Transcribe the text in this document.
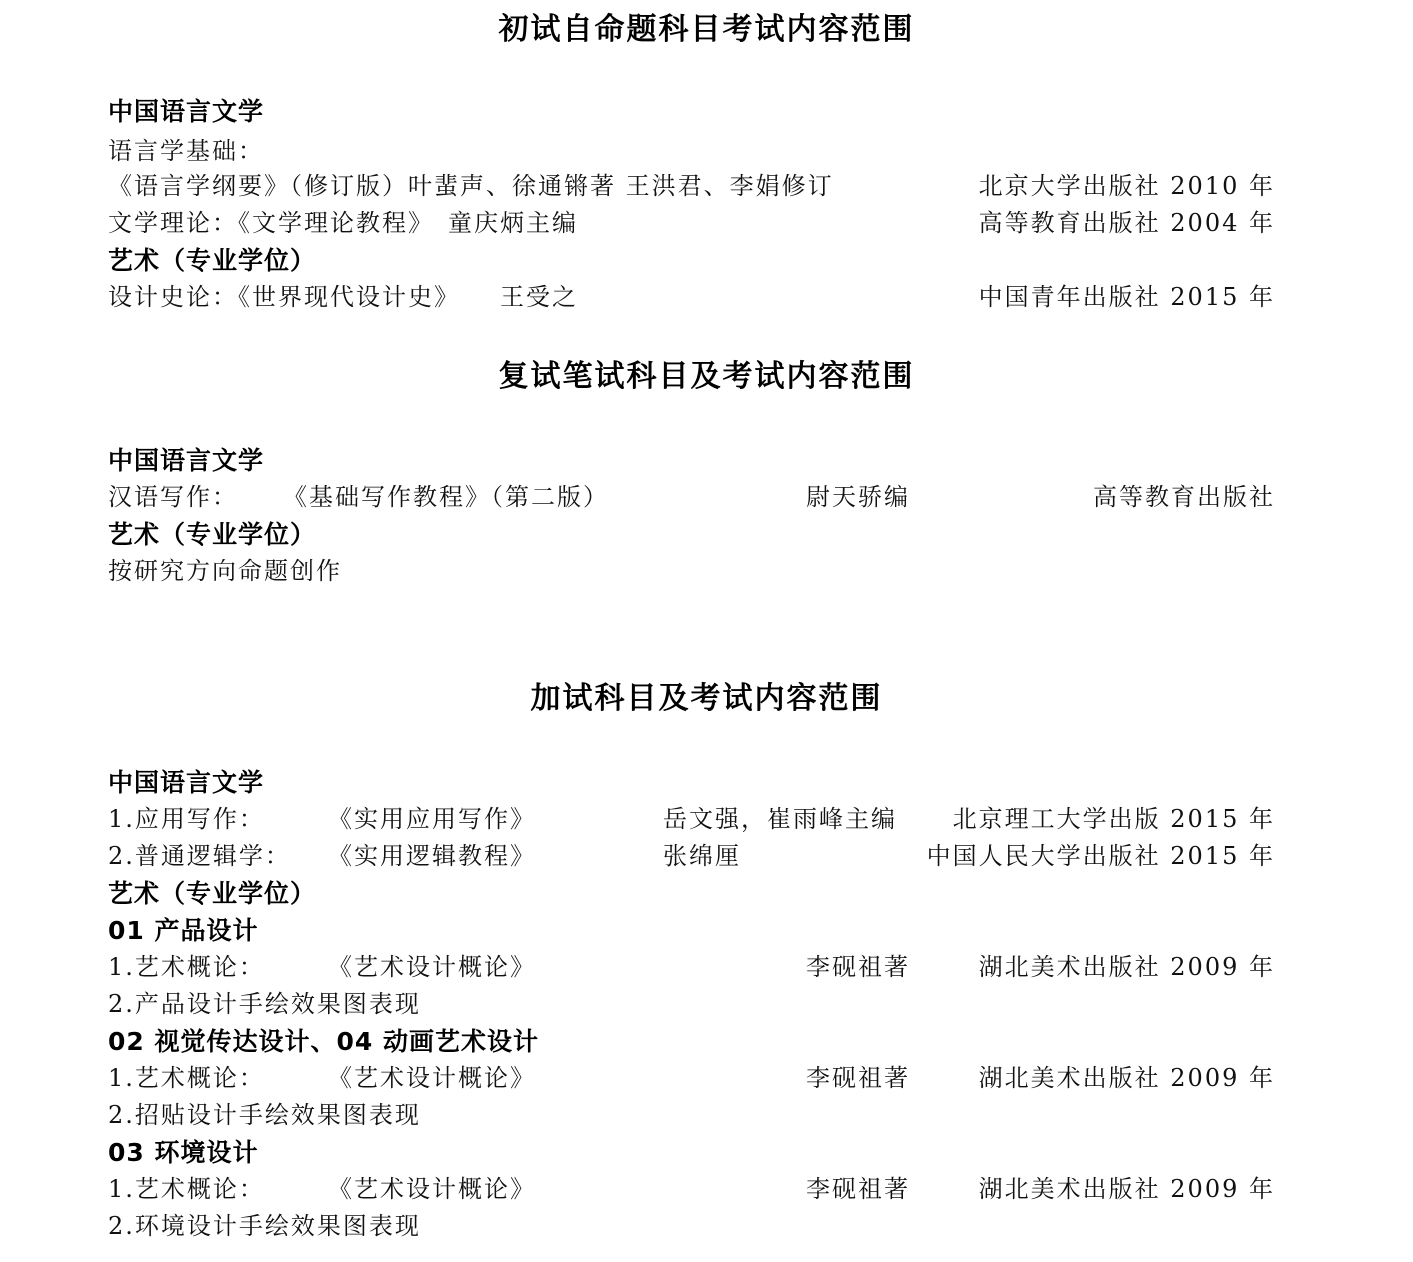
初试自命题科目考试内容范围
中国语言文学
语言学基础：
《语言学纲要》（修订版）叶蜚声、徐通锵著 王洪君、李娟修订	北京大学出版社 2010 年
文学理论：《文学理论教程》　童庆炳主编	高等教育出版社 2004 年
艺术（专业学位）
设计史论：《世界现代设计史》　　王受之	中国青年出版社 2015 年
复试笔试科目及考试内容范围
中国语言文学
汉语写作： 《基础写作教程》（第二版）	尉天骄编	高等教育出版社
艺术（专业学位）
按研究方向命题创作
加试科目及考试内容范围
中国语言文学
1.应用写作：	《实用应用写作》	岳文强，崔雨峰主编 北京理工大学出版 2015 年
2.普通逻辑学： 《实用逻辑教程》	张绵厘	中国人民大学出版社 2015 年
艺术（专业学位）
01 产品设计
1.艺术概论：	《艺术设计概论》	李砚祖著	湖北美术出版社 2009 年
2.产品设计手绘效果图表现
02 视觉传达设计、04 动画艺术设计
1.艺术概论：	《艺术设计概论》	李砚祖著	湖北美术出版社 2009 年
2.招贴设计手绘效果图表现
03 环境设计
1.艺术概论：	《艺术设计概论》	李砚祖著	湖北美术出版社 2009 年
2.环境设计手绘效果图表现
